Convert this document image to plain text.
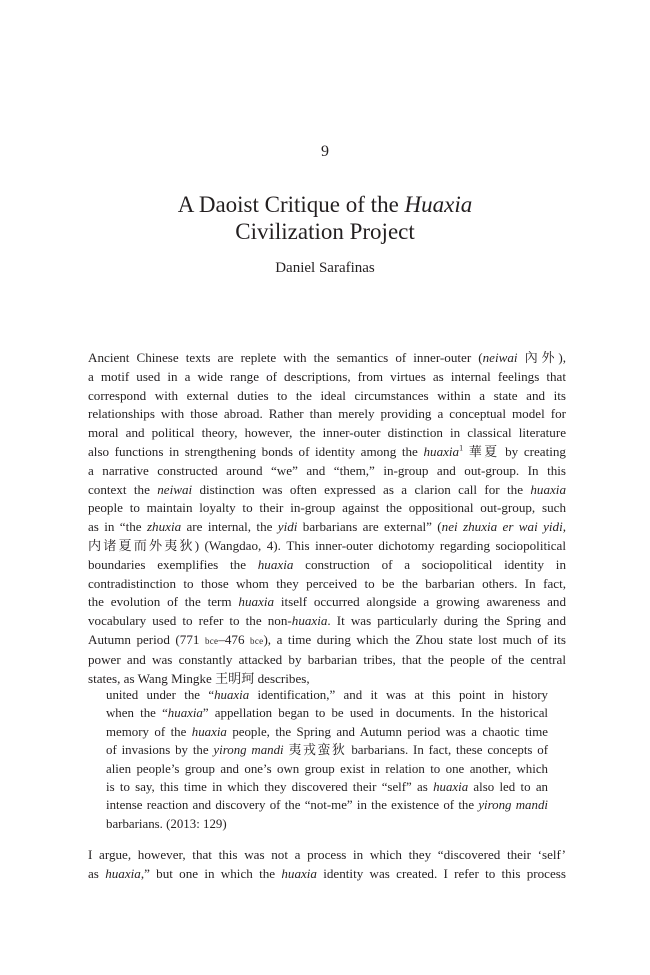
9
A Daoist Critique of the Huaxia
Civilization Project
Daniel Sarafinas
Ancient Chinese texts are replete with the semantics of inner-outer (neiwai 內外),
a motif used in a wide range of descriptions, from virtues as internal feelings that
correspond with external duties to the ideal circumstances within a state and its
relationships with those abroad. Rather than merely providing a conceptual model for
moral and political theory, however, the inner-outer distinction in classical literature
also functions in strengthening bonds of identity among the huaxia$^1$ 華夏 by creating
a narrative constructed around “we” and “them,” in-group and out-group. In this
context the neiwai distinction was often expressed as a clarion call for the huaxia
people to maintain loyalty to their in-group against the oppositional out-group, such
as in “the zhuxia are internal, the yidi barbarians are external” (nei zhuxia er wai yidi,
内诸夏而外夷狄) (Wangdao, 4). This inner-outer dichotomy regarding sociopolitical
boundaries exemplifies the huaxia construction of a sociopolitical identity in
contradistinction to those whom they perceived to be the barbarian others. In fact,
the evolution of the term huaxia itself occurred alongside a growing awareness and
vocabulary used to refer to the non-huaxia. It was particularly during the Spring and
Autumn period (771 bce–476 bce), a time during which the Zhou state lost much of its
power and was constantly attacked by barbarian tribes, that the people of the central
states, as Wang Mingke 王明珂 describes,
united under the “huaxia identification,” and it was at this point in history
when the “huaxia” appellation began to be used in documents. In the historical
memory of the huaxia people, the Spring and Autumn period was a chaotic time
of invasions by the yirong mandi 夷戎蛮狄 barbarians. In fact, these concepts of
alien people’s group and one’s own group exist in relation to one another, which
is to say, this time in which they discovered their “self” as huaxia also led to an
intense reaction and discovery of the “not-me” in the existence of the yirong mandi
barbarians. (2013: 129)
I argue, however, that this was not a process in which they “discovered their ‘self’
as huaxia,” but one in which the huaxia identity was created. I refer to this process
